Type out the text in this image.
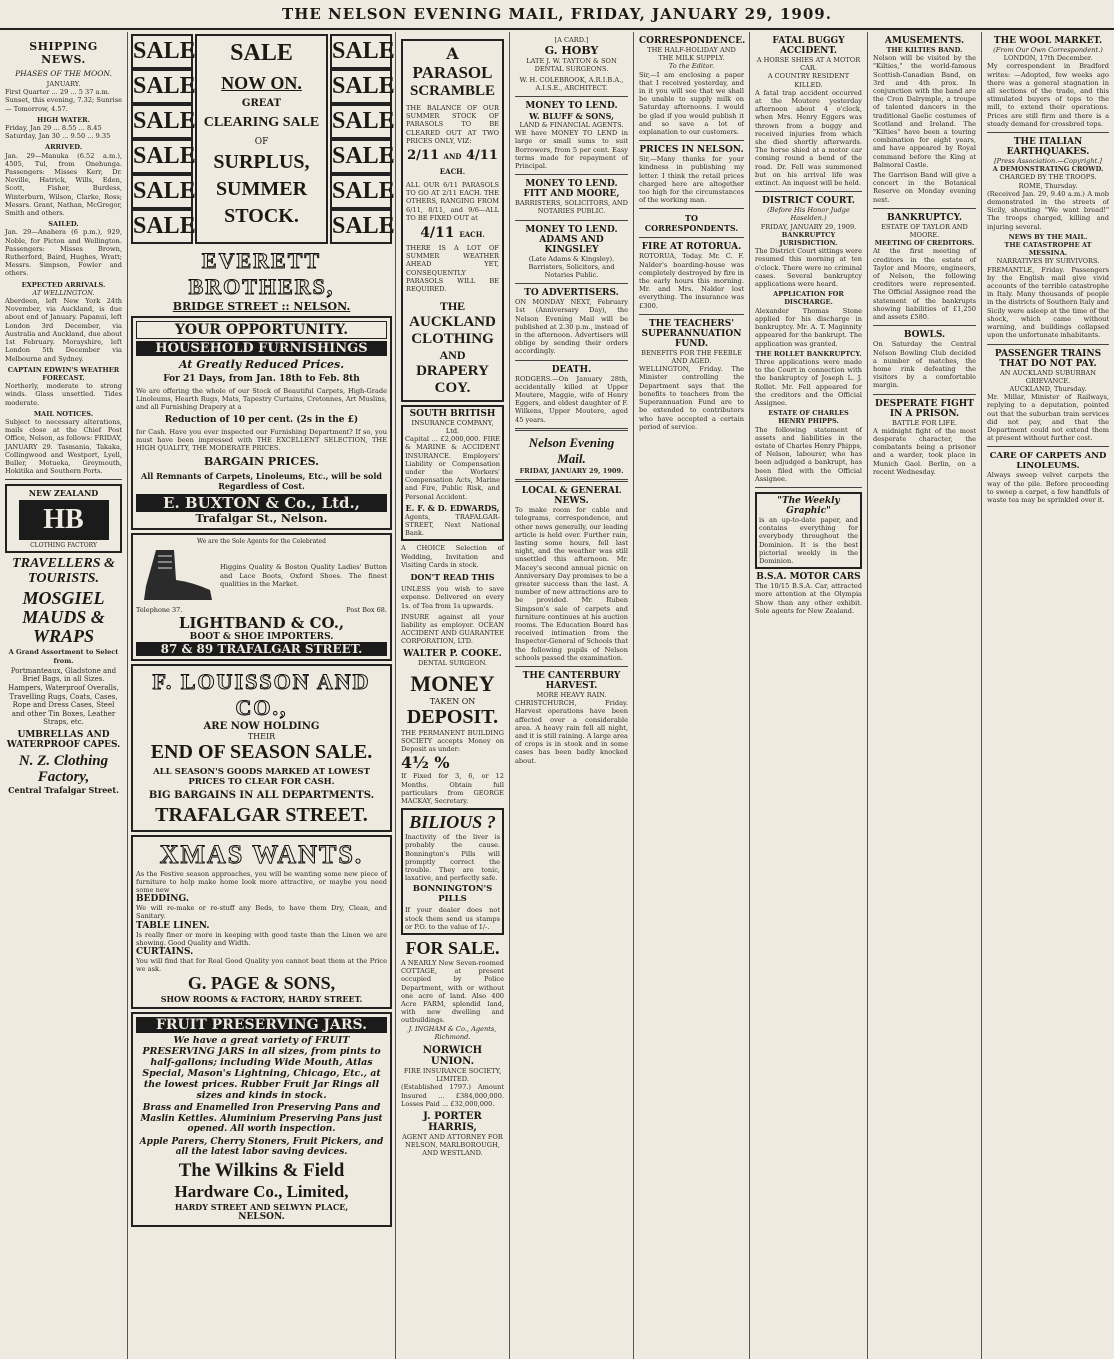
THE NELSON EVENING MAIL, FRIDAY, JANUARY 29, 1909.
SHIPPING NEWS.
PHASES OF THE MOON.
JANUARY.
First Quarter ... 29 ... 5 37 a.m.
Sunset, this evening, 7.32; Sunrise — Tomorrow, 4.57.
HIGH WATER.
Friday, Jan 29 ... 8.55 ... 8.45
Saturday, Jan 30 ... 9.50 ... 9.35
ARRIVED.
Jan. 29—Manuka (6.52 a.m.), 4505, Tul, from Onehunga. Passengers: Misses Kerr, Dr. Neville, Hatrick, Wills, Eden, Scott, Fisher, Burdess, Winterburn, Wilson, Clarke, Ross; Messrs. Grant, Nathan, McGregor, Smith and others.
SAILED.
Jan. 29—Anahera (6 p.m.), 929, Noble, for Picton and Wellington. Passengers: Misses Brown, Rutherford, Baird, Hughes, Wratt; Messrs. Simpson, Fowler and others.
EXPECTED ARRIVALS.
AT WELLINGTON.
Aberdeen, left New York 24th November, via Auckland, is due about end of January. Papanui, left London 3rd December, via Australia and Auckland, due about 1st February. Morayshire, left London 5th December via Melbourne and Sydney.
CAPTAIN EDWIN'S WEATHER FORECAST.
Northerly, moderate to strong winds. Glass unsettled. Tides moderate.
MAIL NOTICES.
Subject to necessary alterations, mails close at the Chief Post Office, Nelson, as follows: FRIDAY, JANUARY 29. Tasmania, Takaka, Collingwood and Westport, Lyell, Buller, Motueka, Greymouth, Hokitika and Southern Ports.
NEW ZEALAND
HB
CLOTHING FACTORY
TRAVELLERS & TOURISTS.
MOSGIEL MAUDS & WRAPS
A Grand Assortment to Select from.
Portmanteaux, Gladstone and Brief Bags, in all Sizes. Hampers, Waterproof Overalls, Travelling Rugs, Coats, Cases, Rope and Dress Cases, Steel and other Tin Boxes, Leather Straps, etc.
UMBRELLAS AND WATERPROOF CAPES.
N. Z. Clothing Factory,
Central Trafalgar Street.
SALE
SALE
SALE
SALE
SALE
SALE
SALE
NOW ON.
GREAT
CLEARING SALE
OF
SURPLUS,
SUMMER
STOCK.
SALE
SALE
SALE
SALE
SALE
SALE
EVERETT BROTHERS,
BRIDGE STREET :: NELSON.
YOUR OPPORTUNITY.
HOUSEHOLD FURNISHINGS
At Greatly Reduced Prices.
For 21 Days, from Jan. 18th to Feb. 8th
We are offering the whole of our Stock of Beautiful Carpets, High-Grade Linoleums, Hearth Rugs, Mats, Tapestry Curtains, Cretonnes, Art Muslins, and all Furnishing Drapery at a
Reduction of 10 per cent. (2s in the £)
for Cash. Have you ever inspected our Furnishing Department? If so, you must have been impressed with THE EXCELLENT SELECTION, THE HIGH QUALITY, THE MODERATE PRICES.
BARGAIN PRICES.
All Remnants of Carpets, Linoleums, Etc., will be sold Regardless of Cost.
E. BUXTON & Co., Ltd.,
Trafalgar St., Nelson.
We are the Sole Agents for the Celebrated
Higgins Quality & Boston Quality Ladies' Button and Lace Boots, Oxford Shoes. The finest qualities in the Market.
Telephone 37.	Post Box 68.
LIGHTBAND & CO.,
BOOT & SHOE IMPORTERS.
87 & 89 TRAFALGAR STREET.
F. LOUISSON AND CO.,
ARE NOW HOLDING
THEIR
END OF SEASON SALE.
ALL SEASON'S GOODS MARKED AT LOWEST PRICES TO CLEAR FOR CASH.
BIG BARGAINS IN ALL DEPARTMENTS.
TRAFALGAR STREET.
XMAS WANTS.
As the Festive season approaches, you will be wanting some new piece of furniture to help make home look more attractive, or maybe you need some new
BEDDING.
We will re-make or re-stuff any Beds, to have them Dry, Clean, and Sanitary.
TABLE LINEN.
Is really finer or more in keeping with good taste than the Linen we are showing. Good Quality and Width.
CURTAINS.
You will find that for Real Good Quality you cannot beat them at the Price we ask.
G. PAGE & SONS,
SHOW ROOMS & FACTORY, HARDY STREET.
FRUIT PRESERVING JARS.
We have a great variety of FRUIT PRESERVING JARS in all sizes, from pints to half-gallons; including Wide Mouth, Atlas Special, Mason's Lightning, Chicago, Etc., at the lowest prices. Rubber Fruit Jar Rings all sizes and kinds in stock.
Brass and Enamelled Iron Preserving Pans and Maslin Kettles. Aluminium Preserving Pans just opened. All worth inspection.
Apple Parers, Cherry Stoners, Fruit Pickers, and all the latest labor saving devices.
The Wilkins & Field
Hardware Co., Limited,
HARDY STREET AND SELWYN PLACE,
NELSON.
A
PARASOL
SCRAMBLE
THE BALANCE OF OUR SUMMER STOCK OF PARASOLS TO BE CLEARED OUT AT TWO PRICES ONLY, VIZ:
2/11 AND 4/11 EACH.
ALL OUR 6/11 PARASOLS TO GO AT 2/11 EACH. THE OTHERS, RANGING FROM 6/11, 8/11, and 9/6—ALL TO BE FIXED OUT at
4/11 EACH.
THERE IS A LOT OF SUMMER WEATHER AHEAD YET, CONSEQUENTLY PARASOLS WILL BE REQUIRED.
THE
AUCKLAND
CLOTHING
AND
DRAPERY
COY.
SOUTH BRITISH
INSURANCE COMPANY, Ltd.
Capital ... £2,000,000. FIRE & MARINE & ACCIDENT INSURANCE. Employers' Liability or Compensation under the Workers' Compensation Acts, Marine and Fire, Public Risk, and Personal Accident.
E. F. & D. EDWARDS,
Agents, TRAFALGAR-STREET, Next National Bank.
A CHOICE Selection of Wedding, Invitation and Visiting Cards in stock.
DON'T READ THIS
UNLESS you wish to save expense. Delivered on every 1s. of Tea from 1s upwards.
INSURE against all your liability as employer. OCEAN ACCIDENT AND GUARANTEE CORPORATION, LTD.
WALTER P. COOKE.
DENTAL SURGEON.
MONEY
TAKEN ON
DEPOSIT.
THE PERMANENT BUILDING SOCIETY accepts Money on Deposit as under:
4½ %
If Fixed for 3, 6, or 12 Months. Obtain full particulars from GEORGE MACKAY, Secretary.
BILIOUS ?
Inactivity of the liver is probably the cause. Bonnington's Pills will promptly correct the trouble. They are tonic, laxative, and perfectly safe.
BONNINGTON'S PILLS
If your dealer does not stock them send us stamps or P.O. to the value of 1/-.
FOR SALE.
A NEARLY New Seven-roomed COTTAGE, at present occupied by Police Department, with or without one acre of land. Also 400 Acre FARM, splendid land, with new dwelling and outbuildings.
J. INGHAM & Co., Agents, Richmond.
NORWICH UNION.
FIRE INSURANCE SOCIETY, LIMITED.
(Established 1797.) Amount Insured ... £384,000,000. Losses Paid ... £32,000,000.
J. PORTER HARRIS,
AGENT AND ATTORNEY FOR NELSON, MARLBOROUGH, AND WESTLAND.
[A CARD.]
G. HOBY
LATE J. W. TAYTON & SON DENTAL SURGEONS.
W. H. COLEBROOK, A.R.I.B.A., A.I.S.E., ARCHITECT.
MONEY TO LEND.
W. BLUFF & SONS,
LAND & FINANCIAL AGENTS.
WE have MONEY TO LEND in large or small sums to suit Borrowers, from 5 per cent. Easy terms made for repayment of Principal.
MONEY TO LEND.
FITT AND MOORE,
BARRISTERS, SOLICITORS, AND NOTARIES PUBLIC.
MONEY TO LEND.
ADAMS AND KINGSLEY
(Late Adams & Kingsley). Barristers, Solicitors, and Notaries Public.
TO ADVERTISERS.
ON MONDAY NEXT, February 1st (Anniversary Day), the Nelson Evening Mail will be published at 2.30 p.m., instead of in the afternoon. Advertisers will oblige by sending their orders accordingly.
DEATH.
RODGERS.—On January 28th, accidentally killed at Upper Moutere, Maggie, wife of Henry Eggers, and eldest daughter of F. Wilkens, Upper Moutere, aged 45 years.
Nelson Evening Mail.
FRIDAY, JANUARY 29, 1909.
LOCAL & GENERAL NEWS.
To make room for cable and telegrams, correspondence, and other news generally, our leading article is held over. Further rain, lasting some hours, fell last night, and the weather was still unsettled this afternoon. Mr. Macey's second annual picnic on Anniversary Day promises to be a greater success than the last. A number of new attractions are to be provided. Mr. Ruben Simpson's sale of carpets and furniture continues at his auction rooms. The Education Board has received intimation from the Inspector-General of Schools that the following pupils of Nelson schools passed the examination.
THE CANTERBURY HARVEST.
MORE HEAVY RAIN.
CHRISTCHURCH, Friday. Harvest operations have been affected over a considerable area. A heavy rain fell all night, and it is still raining. A large area of crops is in stook and in some cases has been badly knocked about.
CORRESPONDENCE.
THE HALF-HOLIDAY AND THE MILK SUPPLY.
To the Editor.
Sir,—I am enclosing a paper that I received yesterday, and in it you will see that we shall be unable to supply milk on Saturday afternoons. I would be glad if you would publish it and so save a lot of explanation to our customers.
PRICES IN NELSON.
Sir,—Many thanks for your kindness in publishing my letter. I think the retail prices charged here are altogether too high for the circumstances of the working man.
TO CORRESPONDENTS.
FIRE AT ROTORUA.
ROTORUA, Today. Mr. C. F. Nalder's boarding-house was completely destroyed by fire in the early hours this morning. Mr. and Mrs. Nalder lost everything. The insurance was £300.
THE TEACHERS' SUPERANNUATION FUND.
BENEFITS FOR THE FEEBLE AND AGED.
WELLINGTON, Friday. The Minister controlling the Department says that the benefits to teachers from the Superannuation Fund are to be extended to contributors who have accepted a certain period of service.
FATAL BUGGY ACCIDENT.
A HORSE SHIES AT A MOTOR CAR.
A COUNTRY RESIDENT KILLED.
A fatal trap accident occurred at the Moutere yesterday afternoon about 4 o'clock, when Mrs. Henry Eggers was thrown from a buggy and received injuries from which she died shortly afterwards. The horse shied at a motor car coming round a bend of the road. Dr. Fell was summoned but on his arrival life was extinct. An inquest will be held.
DISTRICT COURT.
(Before His Honor Judge Haselden.)
FRIDAY, JANUARY 29, 1909.
BANKRUPTCY JURISDICTION.
The District Court sittings were resumed this morning at ten o'clock. There were no criminal cases. Several bankruptcy applications were heard.
APPLICATION FOR DISCHARGE.
Alexander Thomas Stone applied for his discharge in bankruptcy. Mr. A. T. Maginnity appeared for the bankrupt. The application was granted.
THE ROLLET BANKRUPTCY.
Three applications were made to the Court in connection with the bankruptcy of Joseph L. J. Rollet. Mr. Fell appeared for the creditors and the Official Assignee.
ESTATE OF CHARLES HENRY PHIPPS.
The following statement of assets and liabilities in the estate of Charles Henry Phipps, of Nelson, labourer, who has been adjudged a bankrupt, has been filed with the Official Assignee.
"The Weekly Graphic"
is an up-to-date paper, and contains everything for everybody throughout the Dominion. It is the best pictorial weekly in the Dominion.
B.S.A. MOTOR CARS
The 10/15 B.S.A. Car, attracted more attention at the Olympia Show than any other exhibit. Sole agents for New Zealand.
AMUSEMENTS.
THE KILTIES BAND.
Nelson will be visited by the "Kilties," the world-famous Scottish-Canadian Band, on 3rd and 4th prox. In conjunction with the band are the Cron Dalrymple, a troupe of talented dancers in the traditional Gaelic costumes of Scotland and Ireland. The "Kilties" have been a touring combination for eight years, and have appeared by Royal command before the King at Balmoral Castle.
The Garrison Band will give a concert in the Botanical Reserve on Monday evening next.
BANKRUPTCY.
ESTATE OF TAYLOR AND MOORE.
MEETING OF CREDITORS.
At the first meeting of creditors in the estate of Taylor and Moore, engineers, of Nelson, the following creditors were represented. The Official Assignee read the statement of the bankrupts showing liabilities of £1,250 and assets £580.
BOWLS.
On Saturday the Central Nelson Bowling Club decided a number of matches, the home rink defeating the visitors by a comfortable margin.
DESPERATE FIGHT IN A PRISON.
BATTLE FOR LIFE.
A midnight fight of the most desperate character, the combatants being a prisoner and a warder, took place in Munich Gaol. Berlin, on a recent Wednesday.
THE WOOL MARKET.
(From Our Own Correspondent.)
LONDON, 17th December.
My correspondent in Bradford writes: —Adopted, few weeks ago there was a general stagnation in all sections of the trade, and this stimulated buyers of tops to the mill, to extend their operations. Prices are still firm and there is a steady demand for crossbred tops.
THE ITALIAN EARTHQUAKES.
[Press Association.—Copyright.]
A DEMONSTRATING CROWD.
CHARGED BY THE TROOPS.
ROME, Thursday.
(Received Jan. 29, 9.40 a.m.) A mob demonstrated in the streets of Sicily, shouting "We want bread!" The troops charged, killing and injuring several.
NEWS BY THE MAIL.
THE CATASTROPHE AT MESSINA.
NARRATIVES BY SURVIVORS.
FREMANTLE, Friday. Passengers by the English mail give vivid accounts of the terrible catastrophe in Italy. Many thousands of people in the districts of Southern Italy and Sicily were asleep at the time of the shock, which came without warning, and buildings collapsed upon the unfortunate inhabitants.
PASSENGER TRAINS THAT DO NOT PAY.
AN AUCKLAND SUBURBAN GRIEVANCE.
AUCKLAND, Thursday.
Mr. Millar, Minister of Railways, replying to a deputation, pointed out that the suburban train services did not pay, and that the Department could not extend them at present without further cost.
CARE OF CARPETS AND LINOLEUMS.
Always sweep velvet carpets the way of the pile. Before proceeding to sweep a carpet, a few handfuls of waste tea may be sprinkled over it.
